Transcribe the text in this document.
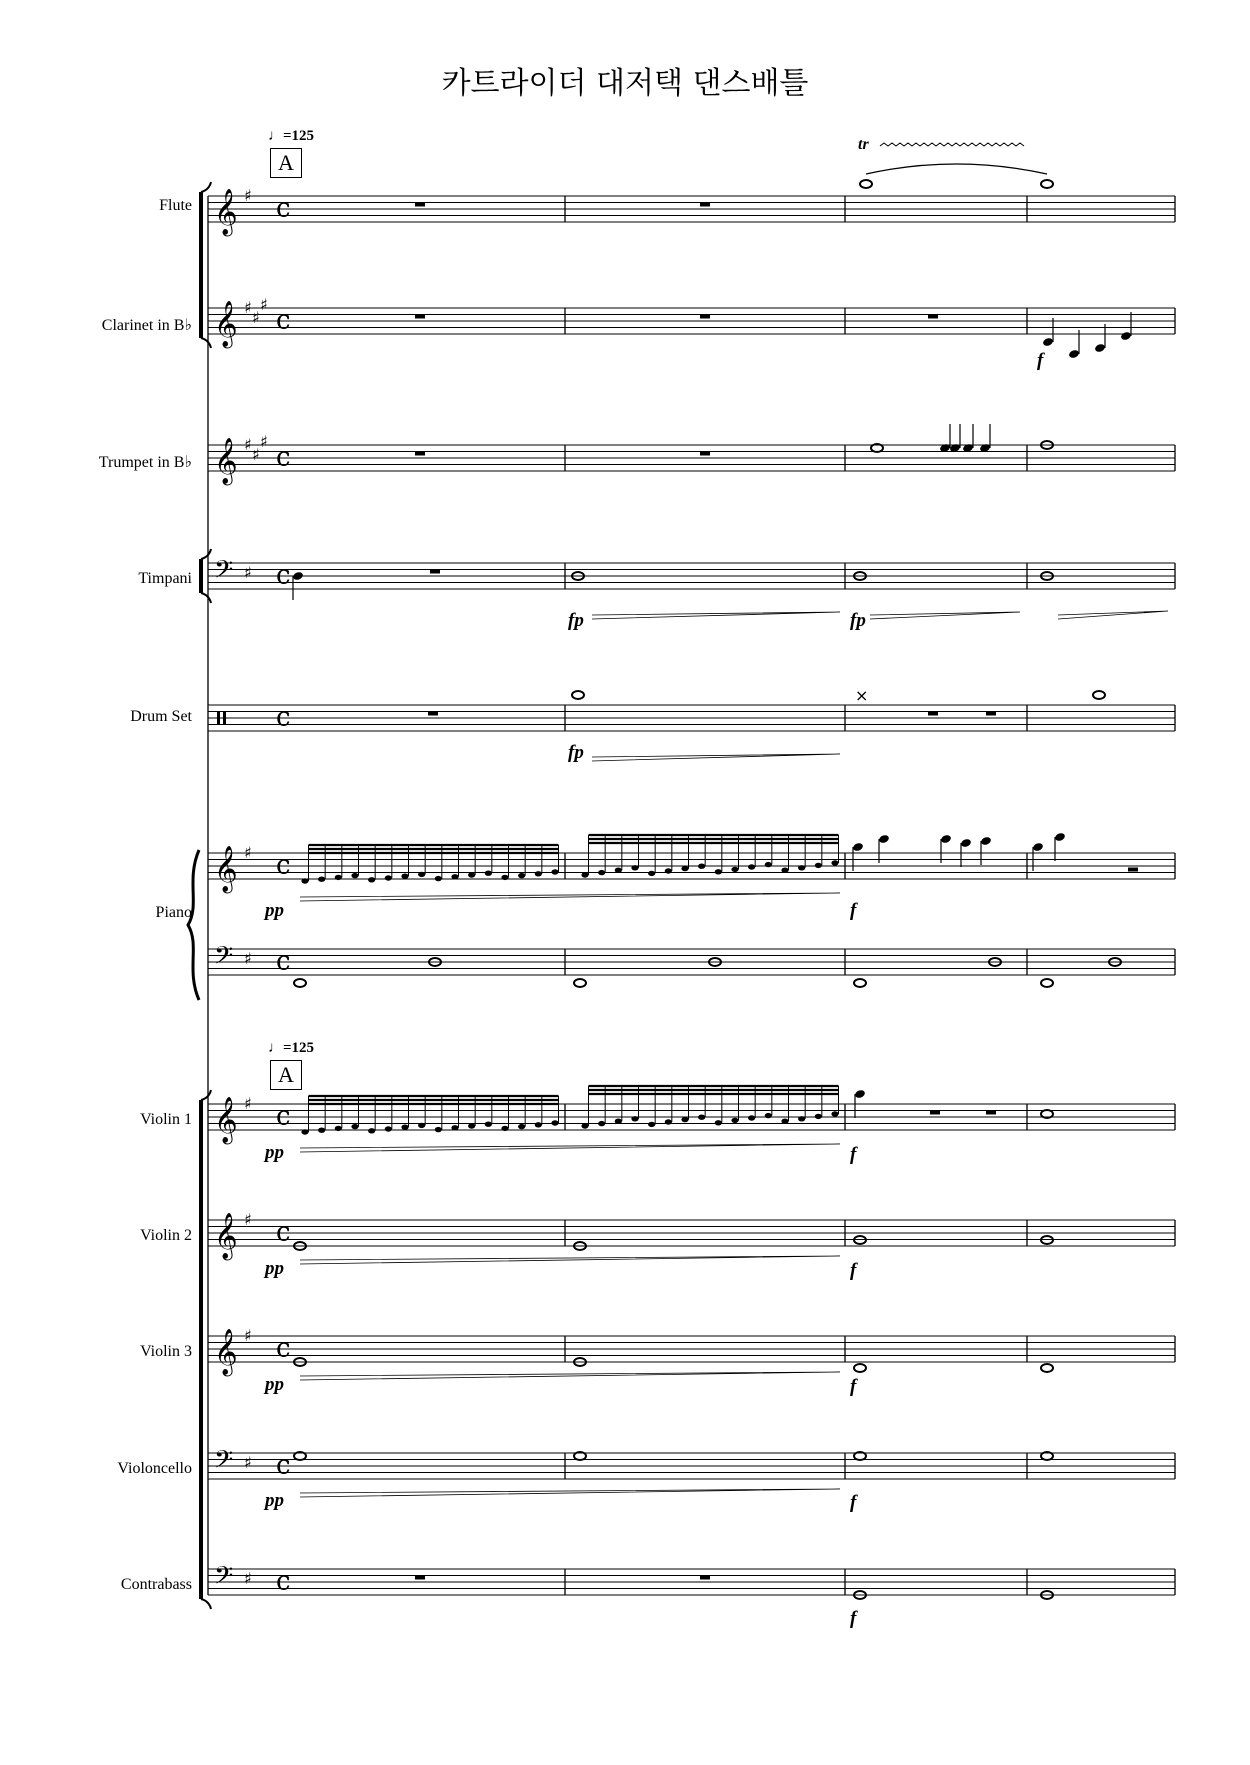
카트라이더 대저택 댄스배틀
♩=125
A
♩=125
A
tr
Flute
Clarinet in B♭
Trumpet in B♭
Timpani
Drum Set
Piano
Violin 1
Violin 2
Violin 3
Violoncello
Contrabass
pp	f
f
fp	fp
fp
pp	f
pp	f
pp	f
pp	f
f
𝄞 ♯ c
𝄞 ♯
♯
♯
c
𝄞 ♯
♯
♯
c
𝄢 ♯ c
c
𝄞 ♯ c
𝄢 ♯ c
𝄞 ♯ c
𝄞 ♯ c
𝄞 ♯ c
𝄢 ♯ c
𝄢 ♯ c
×
